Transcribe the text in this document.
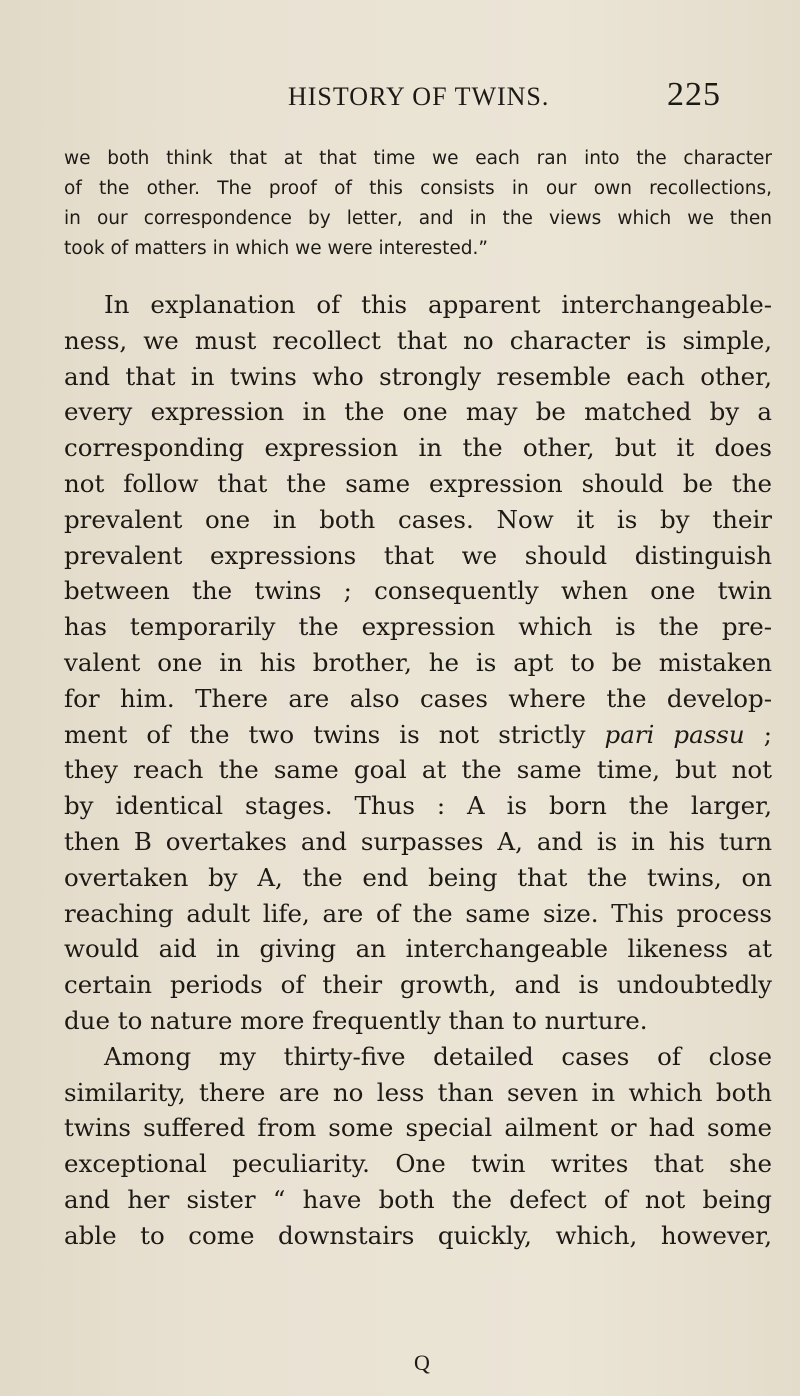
HISTORY OF TWINS.	225
we both think that at that time we each ran into the character
of the other. The proof of this consists in our own recollections,
in our correspondence by letter, and in the views which we then
took of matters in which we were interested.”
In explanation of this apparent interchangeable-
ness, we must recollect that no character is simple,
and that in twins who strongly resemble each other,
every expression in the one may be matched by a
corresponding expression in the other, but it does
not follow that the same expression should be the
prevalent one in both cases. Now it is by their
prevalent expressions that we should distinguish
between the twins ; consequently when one twin
has temporarily the expression which is the pre-
valent one in his brother, he is apt to be mistaken
for him. There are also cases where the develop-
ment of the two twins is not strictly pari passu ;
they reach the same goal at the same time, but not
by identical stages. Thus : A is born the larger,
then B overtakes and surpasses A, and is in his turn
overtaken by A, the end being that the twins, on
reaching adult life, are of the same size. This process
would aid in giving an interchangeable likeness at
certain periods of their growth, and is undoubtedly
due to nature more frequently than to nurture.
Among my thirty-five detailed cases of close
similarity, there are no less than seven in which both
twins suffered from some special ailment or had some
exceptional peculiarity. One twin writes that she
and her sister “ have both the defect of not being
able to come downstairs quickly, which, however,
Q
